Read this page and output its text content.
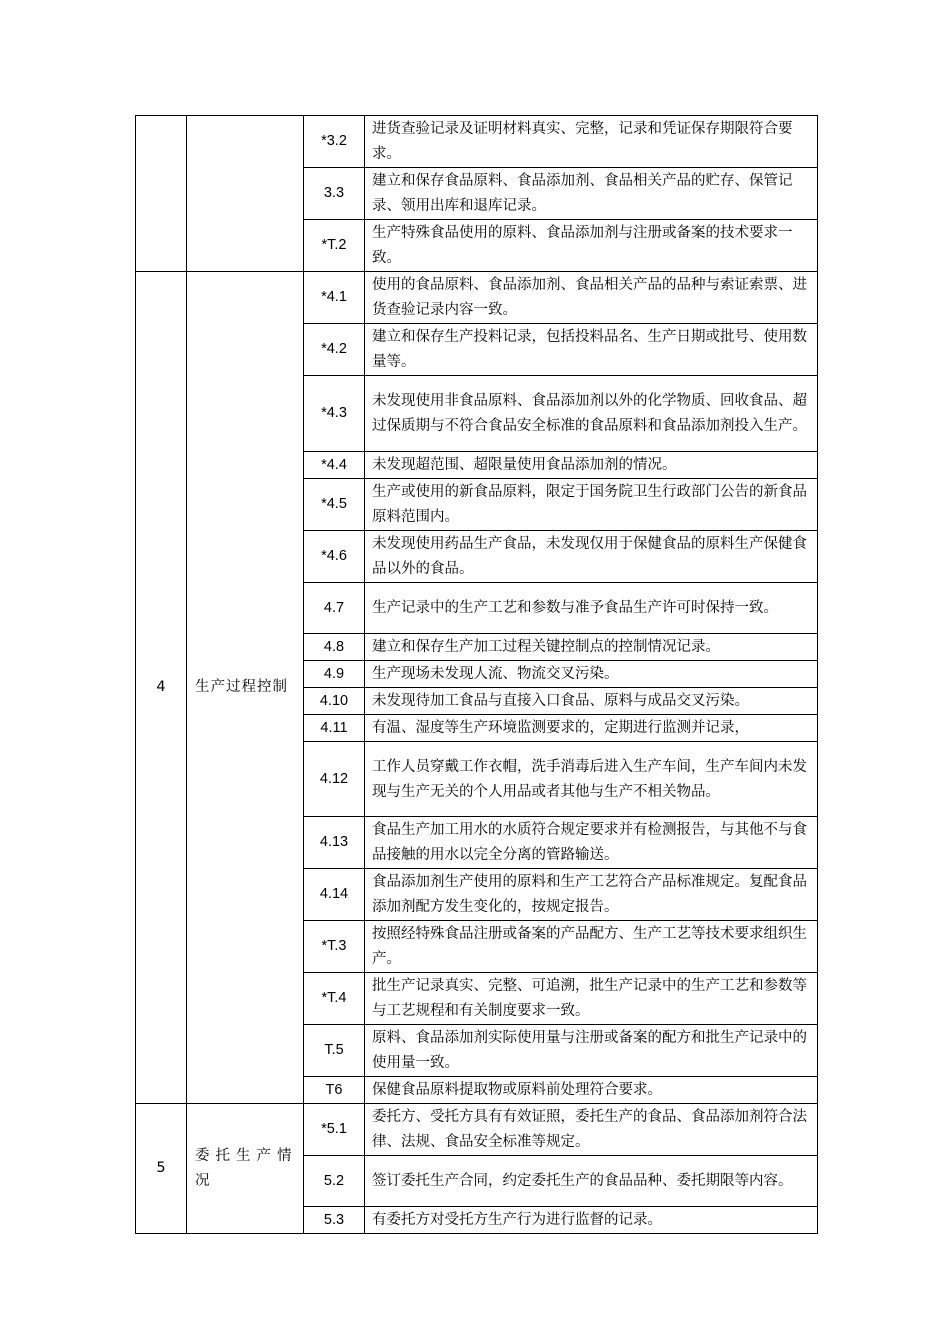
		*3.2	进货查验记录及证明材料真实、完整，记录和凭证保存期限符合要求。
		3.3	建立和保存食品原料、食品添加剂、食品相关产品的贮存、保管记录、领用出库和退库记录。
		*T.2	生产特殊食品使用的原料、食品添加剂与注册或备案的技术要求一致。
4	生产过程控制	*4.1	使用的食品原料、食品添加剂、食品相关产品的品种与索证索票、进货查验记录内容一致。
		*4.2	建立和保存生产投料记录，包括投料品名、生产日期或批号、使用数量等。
		*4.3	未发现使用非食品原料、食品添加剂以外的化学物质、回收食品、超过保质期与不符合食品安全标准的食品原料和食品添加剂投入生产。
		*4.4	未发现超范围、超限量使用食品添加剂的情况。
		*4.5	生产或使用的新食品原料，限定于国务院卫生行政部门公告的新食品原料范围内。
		*4.6	未发现使用药品生产食品，未发现仅用于保健食品的原料生产保健食品以外的食品。
		4.7	生产记录中的生产工艺和参数与准予食品生产许可时保持一致。
		4.8	建立和保存生产加工过程关键控制点的控制情况记录。
		4.9	生产现场未发现人流、物流交叉污染。
		4.10	未发现待加工食品与直接入口食品、原料与成品交叉污染。
		4.11	有温、湿度等生产环境监测要求的，定期进行监测并记录，
		4.12	工作人员穿戴工作衣帽，洗手消毒后进入生产车间，生产车间内未发现与生产无关的个人用品或者其他与生产不相关物品。
		4.13	食品生产加工用水的水质符合规定要求并有检测报告，与其他不与食品接触的用水以完全分离的管路输送。
		4.14	食品添加剂生产使用的原料和生产工艺符合产品标准规定。复配食品添加剂配方发生变化的，按规定报告。
		*T.3	按照经特殊食品注册或备案的产品配方、生产工艺等技术要求组织生产。
		*T.4	批生产记录真实、完整、可追溯，批生产记录中的生产工艺和参数等与工艺规程和有关制度要求一致。
		T.5	原料、食品添加剂实际使用量与注册或备案的配方和批生产记录中的使用量一致。
		T6	保健食品原料提取物或原料前处理符合要求。
5	委托生产情况	*5.1	委托方、受托方具有有效证照，委托生产的食品、食品添加剂符合法律、法规、食品安全标准等规定。
		5.2	签订委托生产合同，约定委托生产的食品品种、委托期限等内容。
		5.3	有委托方对受托方生产行为进行监督的记录。
